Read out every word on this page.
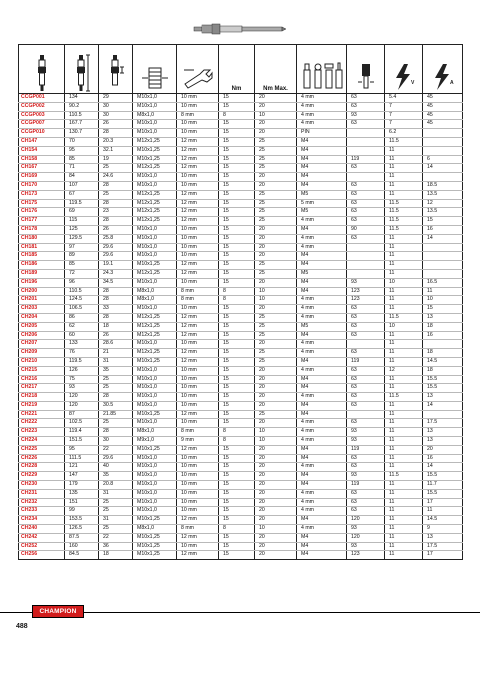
Nm	Nm Max.			V	A

CCGP001	134	29	M10x1,0	10 mm	15	20	4 mm	63	5.4	45
CCGP002	90.2	30	M10x1,0	10 mm	15	20	4 mm	63	7	45
CCGP003	110.5	30	M8x1,0	8 mm	8	10	4 mm	93	7	45
CCGP007	167.7	26	M10x1,0	10 mm	15	20	4 mm	63	7	45
CCGP010	130.7	28	M10x1,0	10 mm	15	20	PIN		6.2	
CH147	70	20.3	M12x1,25	12 mm	15	25	M4		11.5	
CH154	95	32.1	M10x1,25	12 mm	15	25	M4		11	
CH158	85	19	M10x1,25	12 mm	15	25	M4	119	11	6
CH167	71	25	M12x1,25	12 mm	15	25	M4	63	11	14
CH169	84	24.6	M10x1,0	10 mm	15	20	M4		11	
CH170	107	28	M10x1,0	10 mm	15	20	M4	63	11	18.5
CH173	67	25	M12x1,25	12 mm	15	25	M5	63	11	13.5
CH175	119.5	28	M12x1,25	12 mm	15	25	5 mm	63	11.5	12
CH176	69	23	M12x1,25	12 mm	15	25	M5	63	11.5	13.5
CH177	115	28	M12x1,25	12 mm	15	25	4 mm	63	11.5	15
CH178	125	26	M10x1,0	10 mm	15	20	M4	90	11.5	16
CH180	129.5	25.8	M10x1,0	10 mm	15	20	4 mm	63	11	14
CH181	97	29.6	M10x1,0	10 mm	15	20	4 mm		11	
CH185	89	29.6	M10x1,0	10 mm	15	20	M4		11	
CH186	85	19.1	M10x1,25	12 mm	15	25	M4		11	
CH189	72	24.3	M12x1,25	12 mm	15	25	M5		11	
CH196	96	34.5	M10x1,0	10 mm	15	20	M4	93	10	16.5
CH200	110.5	28	M8x1,0	8 mm	8	10	M4	123	11	11
CH201	124.5	28	M8x1,0	8 mm	8	10	4 mm	123	11	10
CH203	106.5	33	M10x1,0	10 mm	15	20	4 mm	63	11	15
CH204	86	28	M12x1,25	12 mm	15	25	4 mm	63	11.5	13
CH205	62	18	M12x1,25	12 mm	15	25	M5	63	10	18
CH206	60	26	M12x1,25	12 mm	15	25	M4	63	11	16
CH207	133	28.6	M10x1,0	10 mm	15	20	4 mm		11	
CH209	76	21	M12x1,25	12 mm	15	25	4 mm	63	11	18
CH210	119.5	31	M10x1,25	12 mm	15	25	M4	119	11	14.5
CH215	126	35	M10x1,0	10 mm	15	20	4 mm	63	12	18
CH216	75	25	M10x1,0	10 mm	15	20	M4	63	11	15.5
CH217	93	25	M10x1,0	10 mm	15	20	M4	63	11	15.5
CH218	120	28	M10x1,0	10 mm	15	20	4 mm	63	11.5	13
CH219	120	30.5	M10x1,0	10 mm	15	20	M4	63	11	14
CH221	87	21.85	M10x1,25	12 mm	15	25	M4		11	
CH222	102.5	25	M10x1,0	10 mm	15	20	4 mm	63	11	17.5
CH223	119.4	28	M8x1,0	8 mm	8	10	4 mm	93	11	13
CH224	151.5	30	M9x1,0	9 mm	8	10	4 mm	93	11	13
CH225	95	22	M10x1,25	12 mm	15	20	M4	119	11	20
CH226	111.5	29.6	M10x1,0	10 mm	15	20	M4	63	11	16
CH228	121	40	M10x1,0	10 mm	15	20	4 mm	63	11	14
CH229	147	35	M10x1,0	10 mm	15	20	M4	93	11.5	15.5
CH230	179	20.8	M10x1,0	10 mm	15	20	M4	119	11	11.7
CH231	135	31	M10x1,0	10 mm	15	20	4 mm	63	11	15.5
CH232	151	25	M10x1,0	10 mm	15	20	4 mm	63	11	17
CH233	99	25	M10x1,0	10 mm	15	20	4 mm	63	11	11
CH234	153.5	31	M10x1,25	12 mm	15	20	M4	120	11	14.5
CH240	126.5	25	M8x1,0	8 mm	8	10	4 mm	93	11	9
CH242	87.5	22	M10x1,25	12 mm	15	20	M4	120	11	13
CH252	160	36	M10x1,25	10 mm	15	20	M4	93	11	17.5
CH256	84.5	18	M10x1,25	12 mm	15	20	M4	123	11	17
488
CHAMPION
